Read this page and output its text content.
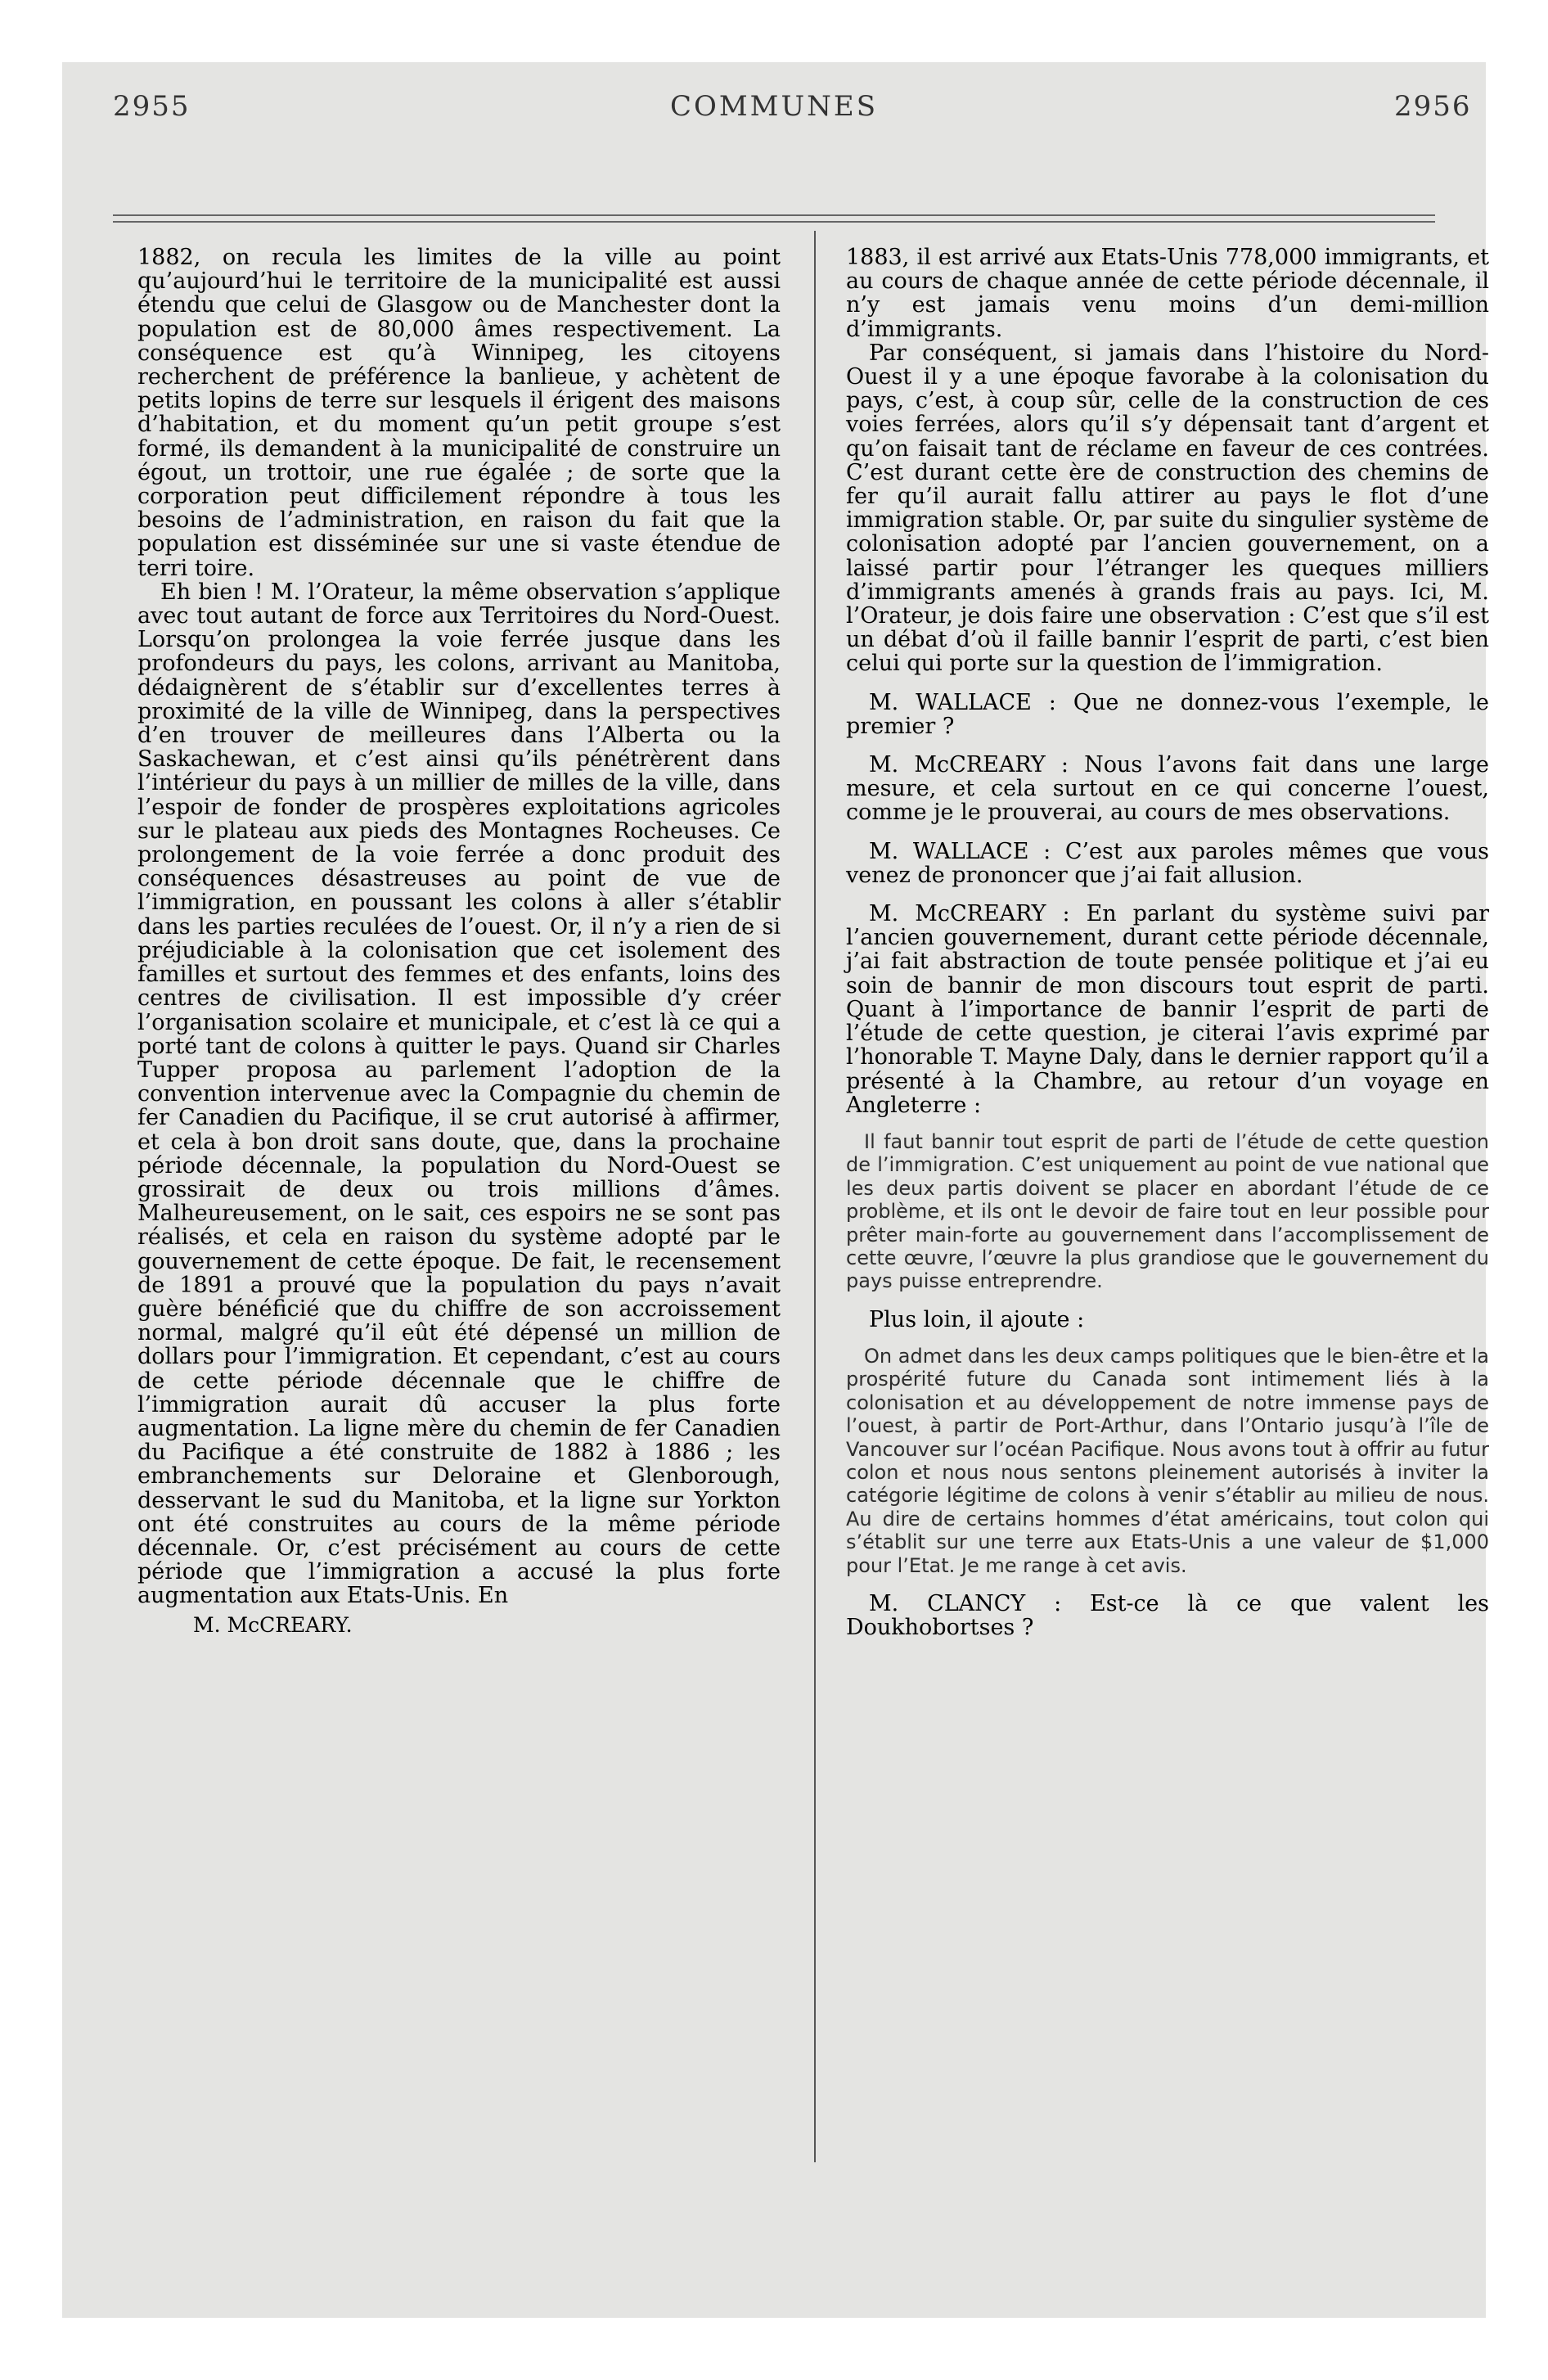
2955	COMMUNES	2956

1882, on recula les limites de la ville au point qu’aujourd’hui le territoire de la municipalité est aussi étendu que celui de Glasgow ou de Manchester dont la population est de 80,000 âmes respectivement. La conséquence est qu’à Winnipeg, les citoyens recherchent de préférence la banlieue, y achètent de petits lopins de terre sur lesquels il érigent des maisons d’habitation, et du moment qu’un petit groupe s’est formé, ils demandent à la municipalité de construire un égout, un trottoir, une rue égalée ; de sorte que la corporation peut difficilement répondre à tous les besoins de l’administration, en raison du fait que la population est disséminée sur une si vaste étendue de terri toire.

Eh bien ! M. l’Orateur, la même observation s’applique avec tout autant de force aux Territoires du Nord-Ouest. Lorsqu’on prolongea la voie ferrée jusque dans les profondeurs du pays, les colons, arrivant au Manitoba, dédaignèrent de s’établir sur d’excellentes terres à proximité de la ville de Winnipeg, dans la perspectives d’en trouver de meilleures dans l’Alberta ou la Saskachewan, et c’est ainsi qu’ils pénétrèrent dans l’intérieur du pays à un millier de milles de la ville, dans l’espoir de fonder de prospères exploitations agricoles sur le plateau aux pieds des Montagnes Rocheuses. Ce prolongement de la voie ferrée a donc produit des conséquences désastreuses au point de vue de l’immigration, en poussant les colons à aller s’établir dans les parties reculées de l’ouest. Or, il n’y a rien de si préjudiciable à la colonisation que cet isolement des familles et surtout des femmes et des enfants, loins des centres de civilisation. Il est impossible d’y créer l’organisation scolaire et municipale, et c’est là ce qui a porté tant de colons à quitter le pays. Quand sir Charles Tupper proposa au parlement l’adoption de la convention intervenue avec la Compagnie du chemin de fer Canadien du Pacifique, il se crut autorisé à affirmer, et cela à bon droit sans doute, que, dans la prochaine période décennale, la population du Nord-Ouest se grossirait de deux ou trois millions d’âmes. Malheureusement, on le sait, ces espoirs ne se sont pas réalisés, et cela en raison du système adopté par le gouvernement de cette époque. De fait, le recensement de 1891 a prouvé que la population du pays n’avait guère bénéficié que du chiffre de son accroissement normal, malgré qu’il eût été dépensé un million de dollars pour l’immigration. Et cependant, c’est au cours de cette période décennale que le chiffre de l’immigration aurait dû accuser la plus forte augmentation. La ligne mère du chemin de fer Canadien du Pacifique a été construite de 1882 à 1886 ; les embranchements sur Deloraine et Glenborough, desservant le sud du Manitoba, et la ligne sur Yorkton ont été construites au cours de la même période décennale. Or, c’est précisément au cours de cette période que l’immigration a accusé la plus forte augmentation aux Etats-Unis. En

M. McCREARY.

1883, il est arrivé aux Etats-Unis 778,000 immigrants, et au cours de chaque année de cette période décennale, il n’y est jamais venu moins d’un demi-million d’immigrants.

Par conséquent, si jamais dans l’histoire du Nord-Ouest il y a une époque favorabe à la colonisation du pays, c’est, à coup sûr, celle de la construction de ces voies ferrées, alors qu’il s’y dépensait tant d’argent et qu’on faisait tant de réclame en faveur de ces contrées. C’est durant cette ère de construction des chemins de fer qu’il aurait fallu attirer au pays le flot d’une immigration stable. Or, par suite du singulier système de colonisation adopté par l’ancien gouvernement, on a laissé partir pour l’étranger les queques milliers d’immigrants amenés à grands frais au pays. Ici, M. l’Orateur, je dois faire une observation : C’est que s’il est un débat d’où il faille bannir l’esprit de parti, c’est bien celui qui porte sur la question de l’immigration.

M. WALLACE : Que ne donnez-vous l’exemple, le premier ?

M. McCREARY : Nous l’avons fait dans une large mesure, et cela surtout en ce qui concerne l’ouest, comme je le prouverai, au cours de mes observations.

M. WALLACE : C’est aux paroles mêmes que vous venez de prononcer que j’ai fait allusion.

M. McCREARY : En parlant du système suivi par l’ancien gouvernement, durant cette période décennale, j’ai fait abstraction de toute pensée politique et j’ai eu soin de bannir de mon discours tout esprit de parti. Quant à l’importance de bannir l’esprit de parti de l’étude de cette question, je citerai l’avis exprimé par l’honorable T. Mayne Daly, dans le dernier rapport qu’il a présenté à la Chambre, au retour d’un voyage en Angleterre :

Il faut bannir tout esprit de parti de l’étude de cette question de l’immigration. C’est uniquement au point de vue national que les deux partis doivent se placer en abordant l’étude de ce problème, et ils ont le devoir de faire tout en leur possible pour prêter main-forte au gouvernement dans l’accomplissement de cette œuvre, l’œuvre la plus grandiose que le gouvernement du pays puisse entreprendre.

Plus loin, il ajoute :

On admet dans les deux camps politiques que le bien-être et la prospérité future du Canada sont intimement liés à la colonisation et au développement de notre immense pays de l’ouest, à partir de Port-Arthur, dans l’Ontario jusqu’à l’île de Vancouver sur l’océan Pacifique. Nous avons tout à offrir au futur colon et nous nous sentons pleinement autorisés à inviter la catégorie légitime de colons à venir s’établir au milieu de nous. Au dire de certains hommes d’état américains, tout colon qui s’établit sur une terre aux Etats-Unis a une valeur de $1,000 pour l’Etat. Je me range à cet avis.

M. CLANCY : Est-ce là ce que valent les Doukhobortses ?
